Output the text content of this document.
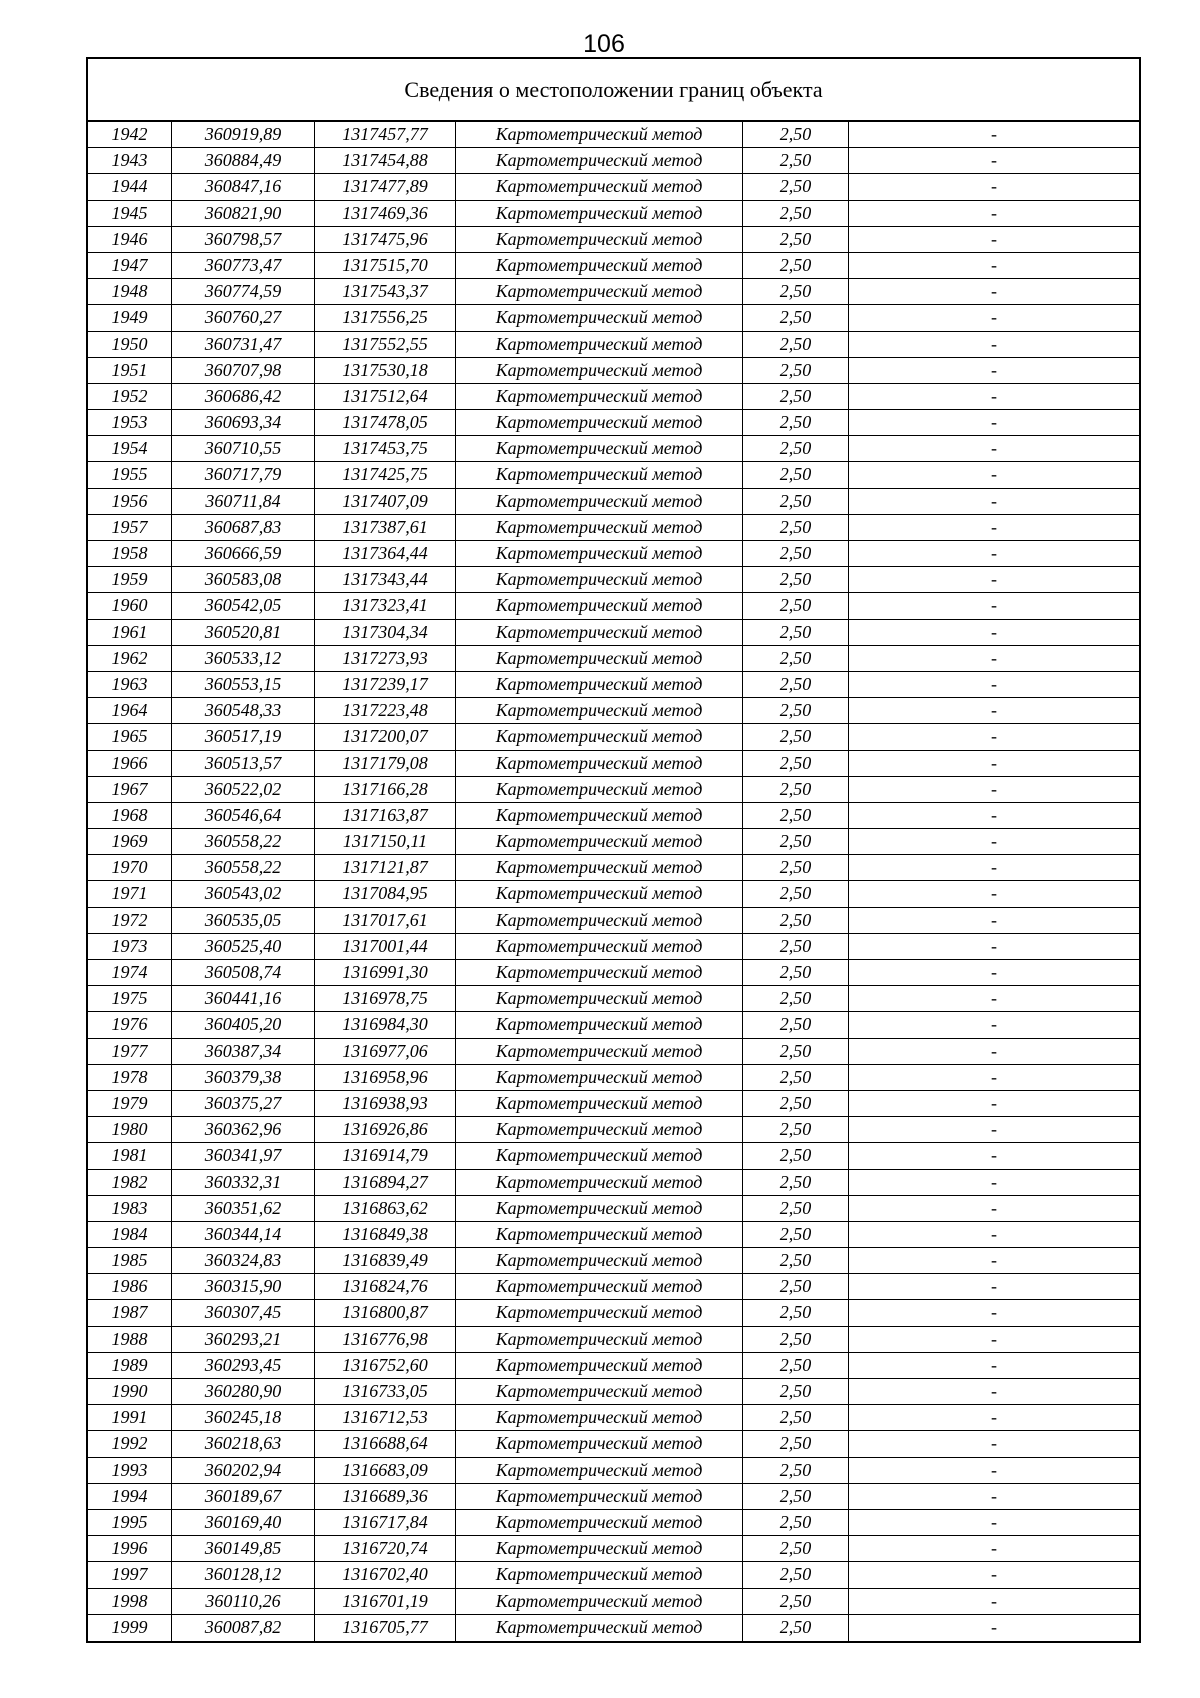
106
Сведения о местоположении границ объекта
1942	360919,89	1317457,77	Картометрический метод	2,50	-
1943	360884,49	1317454,88	Картометрический метод	2,50	-
1944	360847,16	1317477,89	Картометрический метод	2,50	-
1945	360821,90	1317469,36	Картометрический метод	2,50	-
1946	360798,57	1317475,96	Картометрический метод	2,50	-
1947	360773,47	1317515,70	Картометрический метод	2,50	-
1948	360774,59	1317543,37	Картометрический метод	2,50	-
1949	360760,27	1317556,25	Картометрический метод	2,50	-
1950	360731,47	1317552,55	Картометрический метод	2,50	-
1951	360707,98	1317530,18	Картометрический метод	2,50	-
1952	360686,42	1317512,64	Картометрический метод	2,50	-
1953	360693,34	1317478,05	Картометрический метод	2,50	-
1954	360710,55	1317453,75	Картометрический метод	2,50	-
1955	360717,79	1317425,75	Картометрический метод	2,50	-
1956	360711,84	1317407,09	Картометрический метод	2,50	-
1957	360687,83	1317387,61	Картометрический метод	2,50	-
1958	360666,59	1317364,44	Картометрический метод	2,50	-
1959	360583,08	1317343,44	Картометрический метод	2,50	-
1960	360542,05	1317323,41	Картометрический метод	2,50	-
1961	360520,81	1317304,34	Картометрический метод	2,50	-
1962	360533,12	1317273,93	Картометрический метод	2,50	-
1963	360553,15	1317239,17	Картометрический метод	2,50	-
1964	360548,33	1317223,48	Картометрический метод	2,50	-
1965	360517,19	1317200,07	Картометрический метод	2,50	-
1966	360513,57	1317179,08	Картометрический метод	2,50	-
1967	360522,02	1317166,28	Картометрический метод	2,50	-
1968	360546,64	1317163,87	Картометрический метод	2,50	-
1969	360558,22	1317150,11	Картометрический метод	2,50	-
1970	360558,22	1317121,87	Картометрический метод	2,50	-
1971	360543,02	1317084,95	Картометрический метод	2,50	-
1972	360535,05	1317017,61	Картометрический метод	2,50	-
1973	360525,40	1317001,44	Картометрический метод	2,50	-
1974	360508,74	1316991,30	Картометрический метод	2,50	-
1975	360441,16	1316978,75	Картометрический метод	2,50	-
1976	360405,20	1316984,30	Картометрический метод	2,50	-
1977	360387,34	1316977,06	Картометрический метод	2,50	-
1978	360379,38	1316958,96	Картометрический метод	2,50	-
1979	360375,27	1316938,93	Картометрический метод	2,50	-
1980	360362,96	1316926,86	Картометрический метод	2,50	-
1981	360341,97	1316914,79	Картометрический метод	2,50	-
1982	360332,31	1316894,27	Картометрический метод	2,50	-
1983	360351,62	1316863,62	Картометрический метод	2,50	-
1984	360344,14	1316849,38	Картометрический метод	2,50	-
1985	360324,83	1316839,49	Картометрический метод	2,50	-
1986	360315,90	1316824,76	Картометрический метод	2,50	-
1987	360307,45	1316800,87	Картометрический метод	2,50	-
1988	360293,21	1316776,98	Картометрический метод	2,50	-
1989	360293,45	1316752,60	Картометрический метод	2,50	-
1990	360280,90	1316733,05	Картометрический метод	2,50	-
1991	360245,18	1316712,53	Картометрический метод	2,50	-
1992	360218,63	1316688,64	Картометрический метод	2,50	-
1993	360202,94	1316683,09	Картометрический метод	2,50	-
1994	360189,67	1316689,36	Картометрический метод	2,50	-
1995	360169,40	1316717,84	Картометрический метод	2,50	-
1996	360149,85	1316720,74	Картометрический метод	2,50	-
1997	360128,12	1316702,40	Картометрический метод	2,50	-
1998	360110,26	1316701,19	Картометрический метод	2,50	-
1999	360087,82	1316705,77	Картометрический метод	2,50	-
